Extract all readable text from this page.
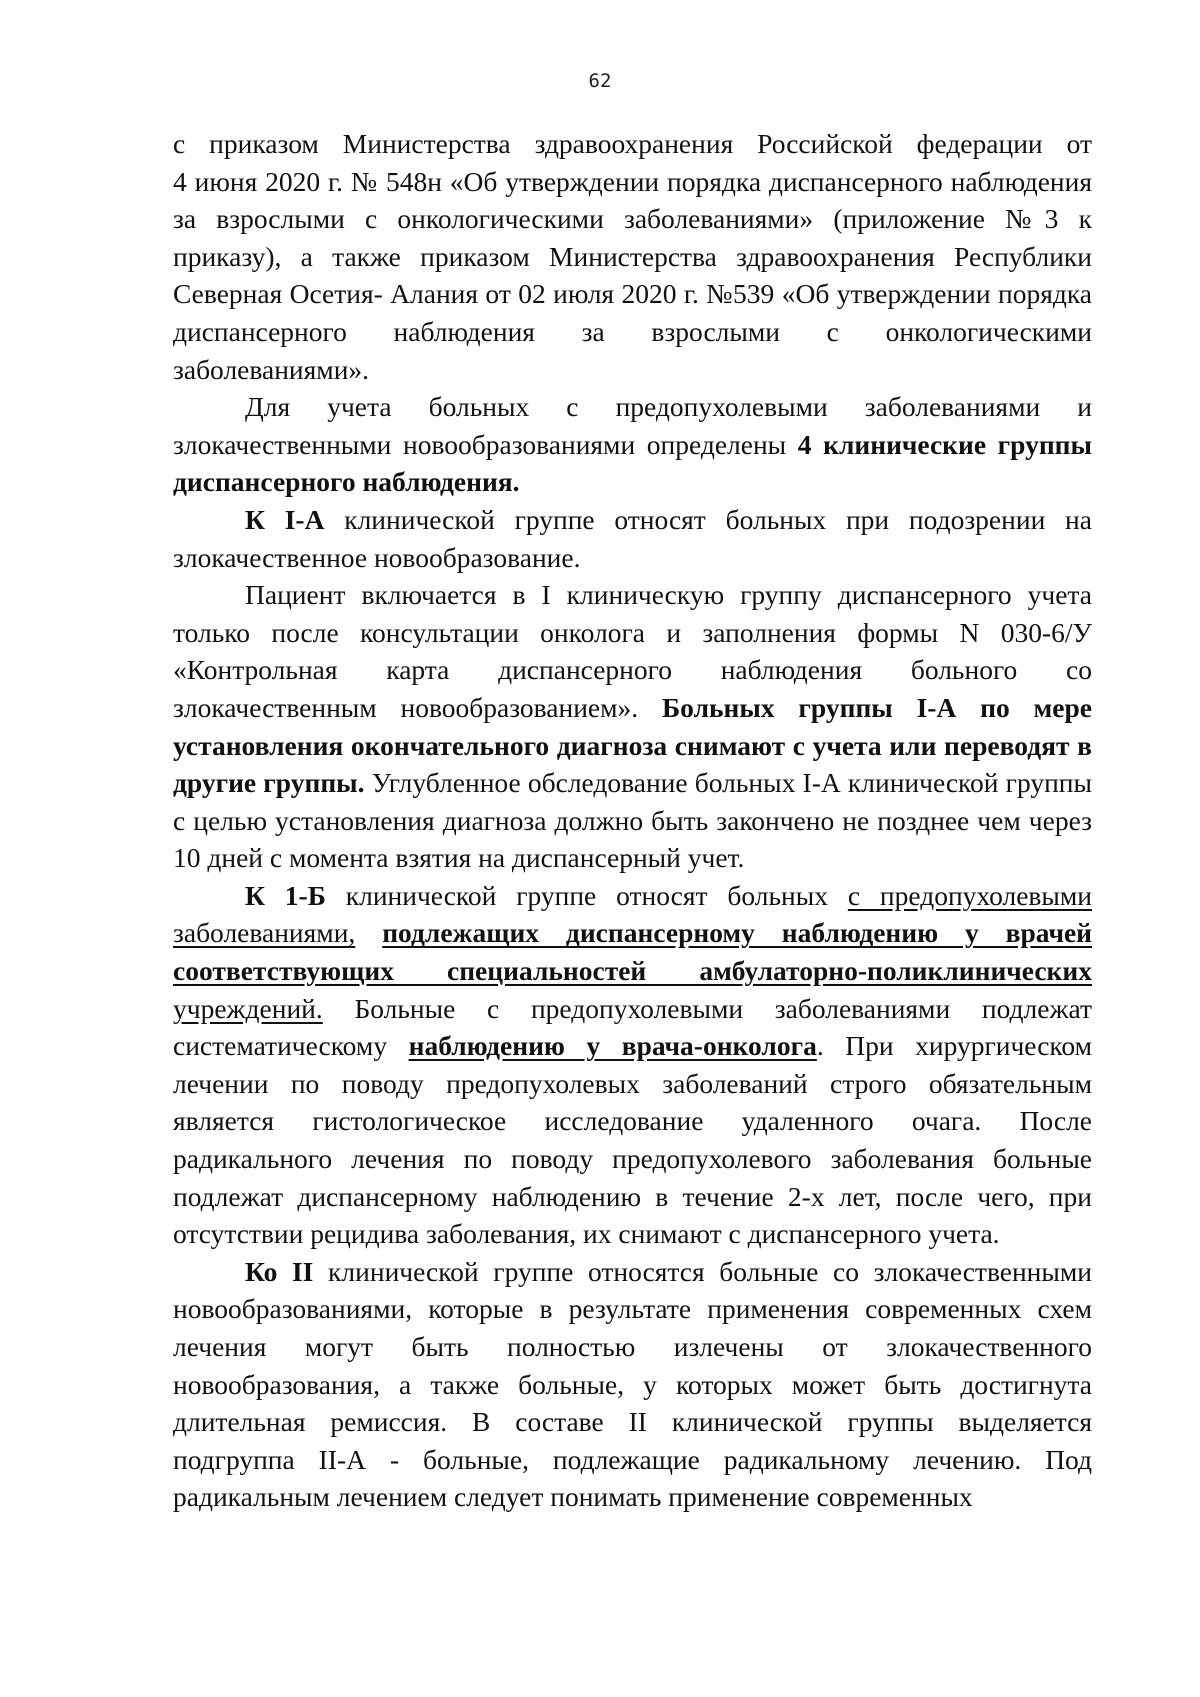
62

с приказом Министерства здравоохранения Российской федерации от

4 июня 2020 г. № 548н «Об утверждении порядка диспансерного наблюдения за взрослыми с онкологическими заболеваниями» (приложение №3 к приказу), а также приказом Министерства здравоохранения Республики Северная Осетия- Алания от 02 июля 2020 г. №539 «Об утверждении порядка диспансерного наблюдения за взрослыми с онкологическими заболеваниями».

Для учета больных с предопухолевыми заболеваниями и злокачественными новообразованиями определены 4 клинические группы диспансерного наблюдения.

К I-А клинической группе относят больных при подозрении на злокачественное новообразование.

Пациент включается в I клиническую группу диспансерного учета только после консультации онколога и заполнения формы N 030-6/У «Контрольная карта диспансерного наблюдения больного со злокачественным новообразованием». Больных группы I-А по мере установления окончательного диагноза снимают с учета или переводят в другие группы. Углубленное обследование больных I-А клинической группы с целью установления диагноза должно быть закончено не позднее чем через 10 дней с момента взятия на диспансерный учет.

К 1-Б клинической группе относят больных с предопухолевыми заболеваниями, подлежащих диспансерному наблюдению у врачей соответствующих специальностей амбулаторно-поликлинических учреждений. Больные с предопухолевыми заболеваниями подлежат систематическому наблюдению у врача-онколога. При хирургическом лечении по поводу предопухолевых заболеваний строго обязательным является гистологическое исследование удаленного очага. После радикального лечения по поводу предопухолевого заболевания больные подлежат диспансерному наблюдению в течение 2-х лет, после чего, при отсутствии рецидива заболевания, их снимают с диспансерного учета.

Ко II клинической группе относятся больные со злокачественными новообразованиями, которые в результате применения современных схем лечения могут быть полностью излечены от злокачественного новообразования, а также больные, у которых может быть достигнута длительная ремиссия. В составе II клинической группы выделяется подгруппа II-А - больные, подлежащие радикальному лечению. Под радикальным лечением следует понимать применение современных
